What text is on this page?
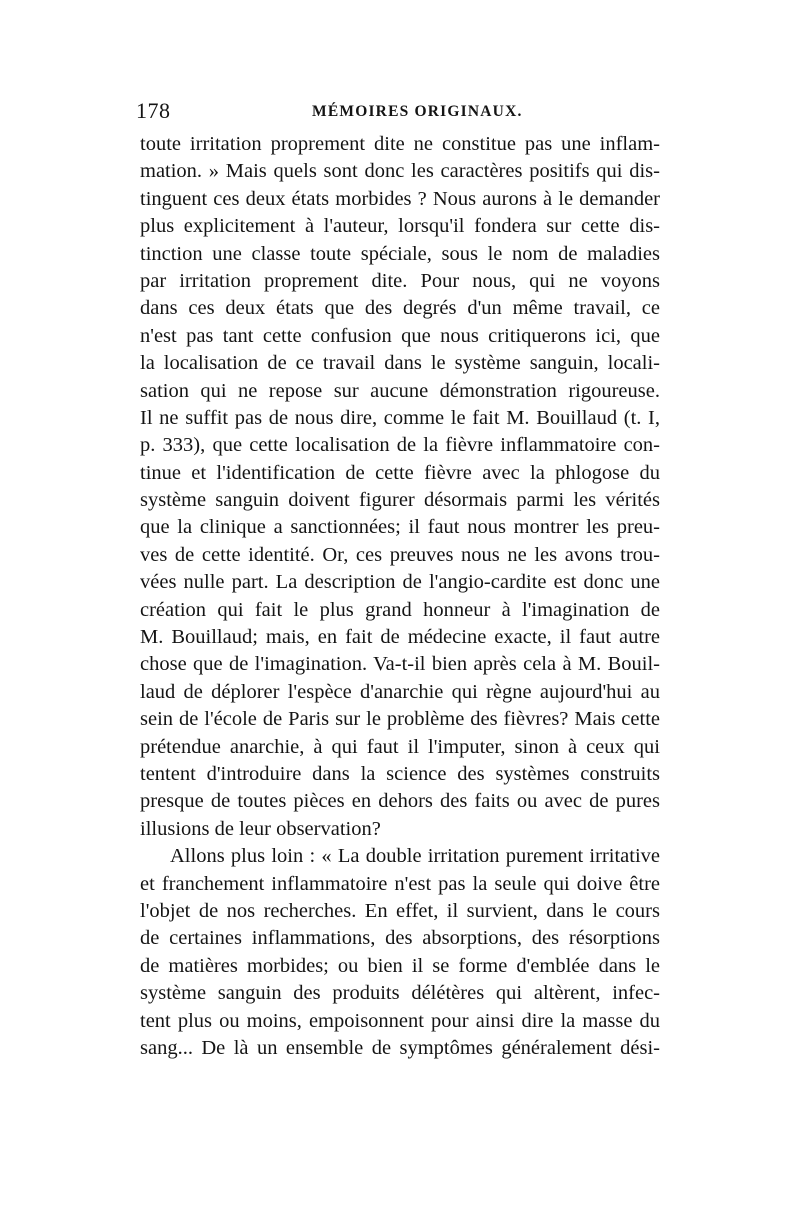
178	MÉMOIRES ORIGINAUX.
toute irritation proprement dite ne constitue pas une inflam-
mation. » Mais quels sont donc les caractères positifs qui dis-
tinguent ces deux états morbides ? Nous aurons à le demander
plus explicitement à l'auteur, lorsqu'il fondera sur cette dis-
tinction une classe toute spéciale, sous le nom de maladies
par irritation proprement dite. Pour nous, qui ne voyons
dans ces deux états que des degrés d'un même travail, ce
n'est pas tant cette confusion que nous critiquerons ici, que
la localisation de ce travail dans le système sanguin, locali-
sation qui ne repose sur aucune démonstration rigoureuse.
Il ne suffit pas de nous dire, comme le fait M. Bouillaud (t. I,
p. 333), que cette localisation de la fièvre inflammatoire con-
tinue et l'identification de cette fièvre avec la phlogose du
système sanguin doivent figurer désormais parmi les vérités
que la clinique a sanctionnées; il faut nous montrer les preu-
ves de cette identité. Or, ces preuves nous ne les avons trou-
vées nulle part. La description de l'angio-cardite est donc une
création qui fait le plus grand honneur à l'imagination de
M. Bouillaud; mais, en fait de médecine exacte, il faut autre
chose que de l'imagination. Va-t-il bien après cela à M. Bouil-
laud de déplorer l'espèce d'anarchie qui règne aujourd'hui au
sein de l'école de Paris sur le problème des fièvres? Mais cette
prétendue anarchie, à qui faut il l'imputer, sinon à ceux qui
tentent d'introduire dans la science des systèmes construits
presque de toutes pièces en dehors des faits ou avec de pures
illusions de leur observation?
Allons plus loin : « La double irritation purement irritative
et franchement inflammatoire n'est pas la seule qui doive être
l'objet de nos recherches. En effet, il survient, dans le cours
de certaines inflammations, des absorptions, des résorptions
de matières morbides; ou bien il se forme d'emblée dans le
système sanguin des produits délétères qui altèrent, infec-
tent plus ou moins, empoisonnent pour ainsi dire la masse du
sang... De là un ensemble de symptômes généralement dési-
